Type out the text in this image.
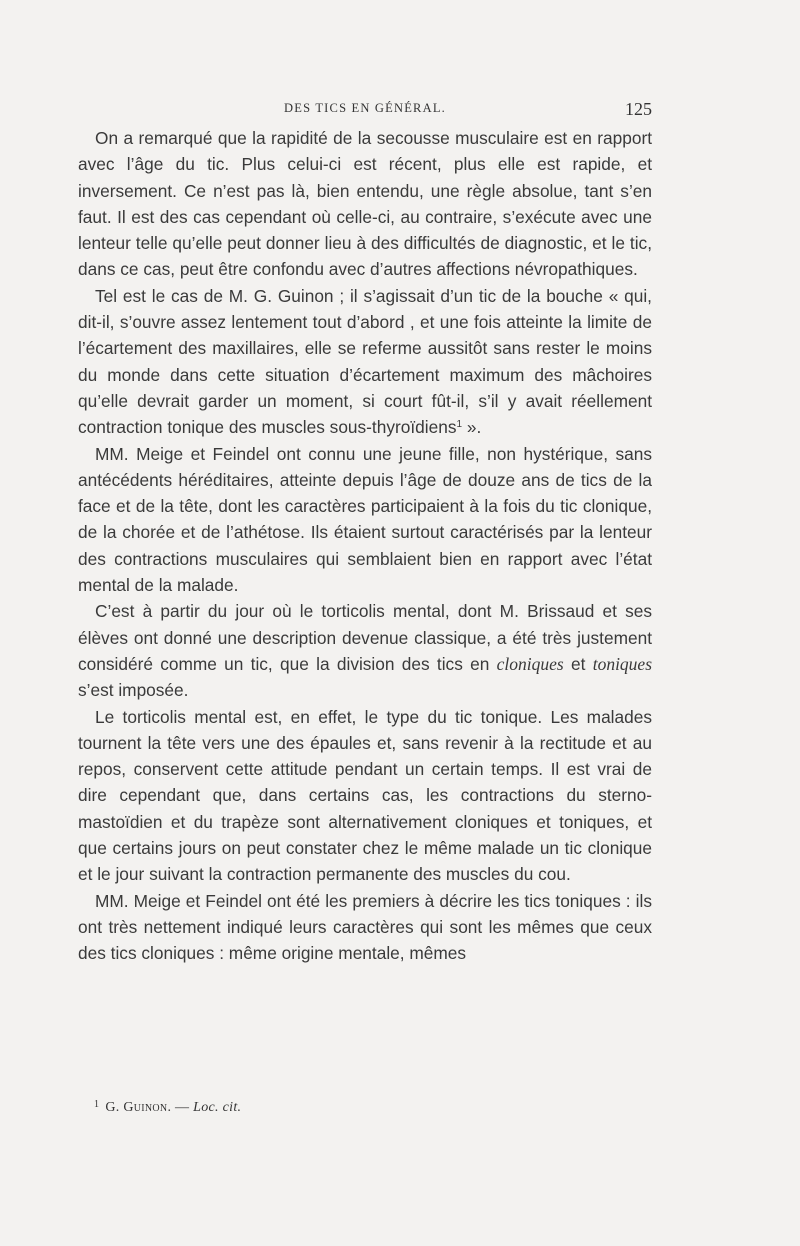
DES TICS EN GÉNÉRAL.	125

On a remarqué que la rapidité de la secousse musculaire est en rapport avec l’âge du tic. Plus celui-ci est récent, plus elle est rapide, et inversement. Ce n’est pas là, bien entendu, une règle absolue, tant s’en faut. Il est des cas cependant où celle-ci, au contraire, s’exécute avec une lenteur telle qu’elle peut donner lieu à des difficultés de diagnostic, et le tic, dans ce cas, peut être confondu avec d’autres affections névropathiques.

Tel est le cas de M. G. Guinon ; il s’agissait d’un tic de la bouche « qui, dit-il, s’ouvre assez lentement tout d’abord , et une fois atteinte la limite de l’écartement des maxillaires, elle se referme aussitôt sans rester le moins du monde dans cette situation d’écartement maximum des mâchoires qu’elle devrait garder un moment, si court fût-il, s’il y avait réellement contraction tonique des muscles sous-thyroïdiens$^1$ ».

MM. Meige et Feindel ont connu une jeune fille, non hystérique, sans antécédents héréditaires, atteinte depuis l’âge de douze ans de tics de la face et de la tête, dont les caractères participaient à la fois du tic clonique, de la chorée et de l’athétose. Ils étaient surtout caractérisés par la lenteur des contractions musculaires qui semblaient bien en rapport avec l’état mental de la malade.

C’est à partir du jour où le torticolis mental, dont M. Brissaud et ses élèves ont donné une description devenue classique, a été très justement considéré comme un tic, que la division des tics en cloniques et toniques s’est imposée.

Le torticolis mental est, en effet, le type du tic tonique. Les malades tournent la tête vers une des épaules et, sans revenir à la rectitude et au repos, conservent cette attitude pendant un certain temps. Il est vrai de dire cependant que, dans certains cas, les contractions du sterno-mastoïdien et du trapèze sont alternativement cloniques et toniques, et que certains jours on peut constater chez le même malade un tic clonique et le jour suivant la contraction permanente des muscles du cou.

MM. Meige et Feindel ont été les premiers à décrire les tics toniques : ils ont très nettement indiqué leurs caractères qui sont les mêmes que ceux des tics cloniques : même origine mentale, mêmes

$^1$ G. Guinon. — Loc. cit.
